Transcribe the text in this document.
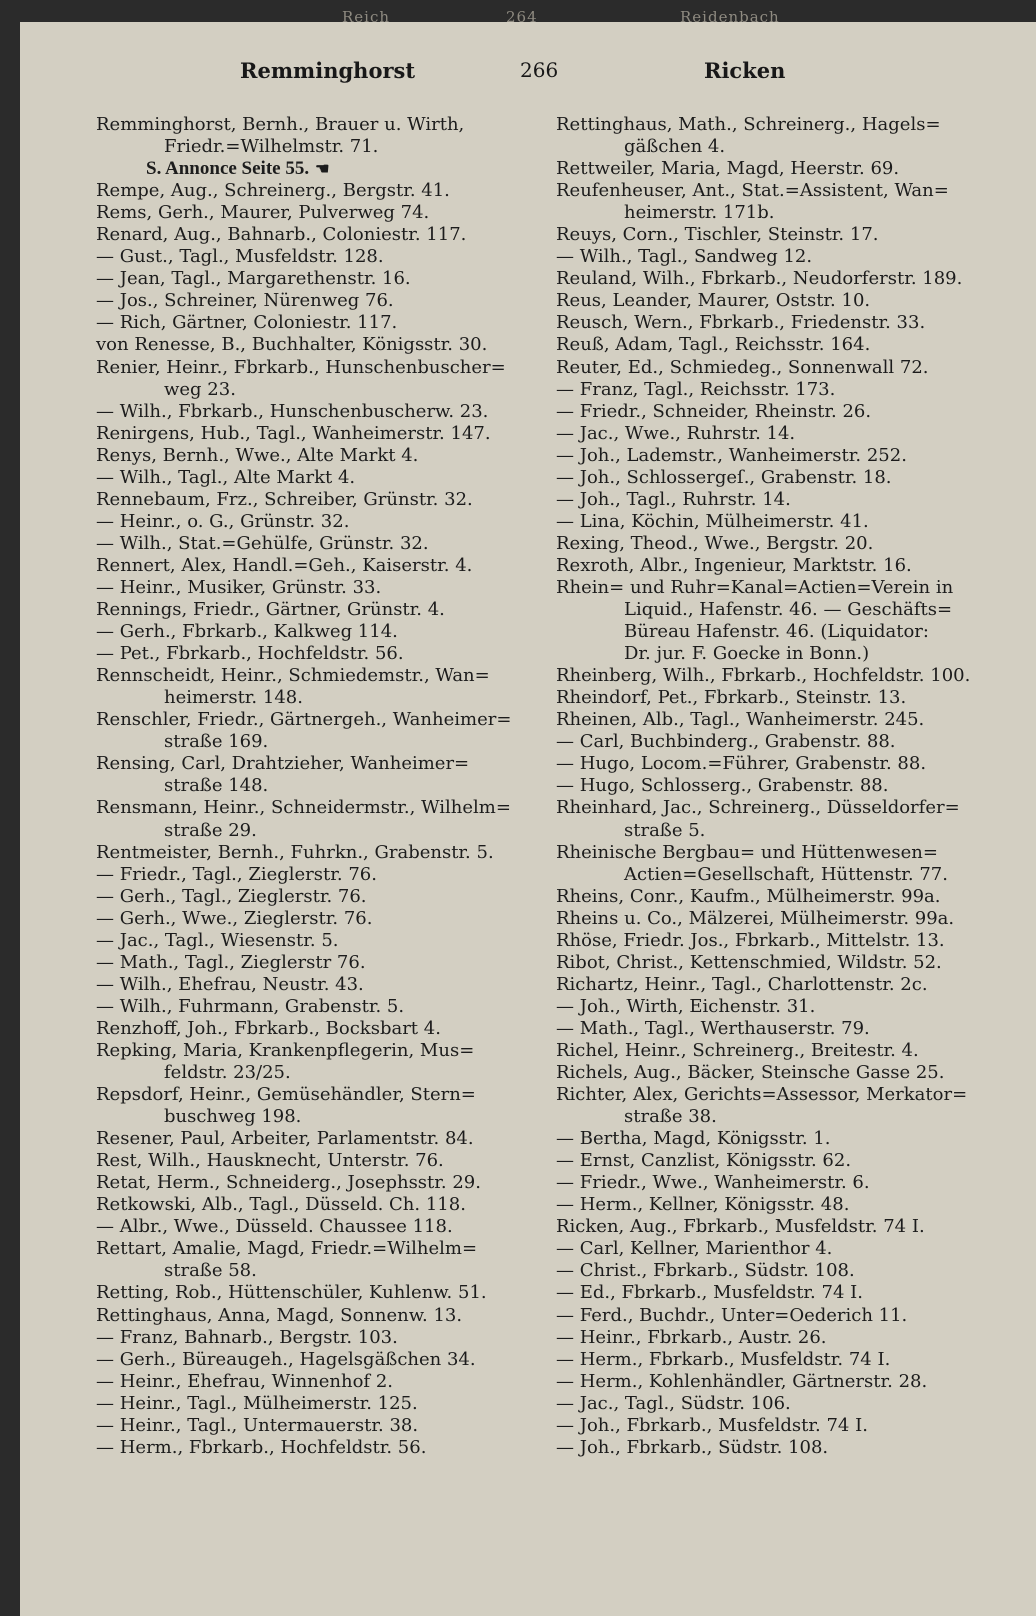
Reich	264	Reidenbach
Remminghorst	266	Ricken
Remminghorst, Bernh., Brauer u. Wirth,
Friedr.=Wilhelmstr. 71.
S. Annonce Seite 55. ☚
Rempe, Aug., Schreinerg., Bergstr. 41.
Rems, Gerh., Maurer, Pulverweg 74.
Renard, Aug., Bahnarb., Coloniestr. 117.
— Gust., Tagl., Musfeldstr. 128.
— Jean, Tagl., Margarethenstr. 16.
— Jos., Schreiner, Nürenweg 76.
— Rich, Gärtner, Coloniestr. 117.
von Renesse, B., Buchhalter, Königsstr. 30.
Renier, Heinr., Fbrkarb., Hunschenbuscher=
weg 23.
— Wilh., Fbrkarb., Hunschenbuscherw. 23.
Renirgens, Hub., Tagl., Wanheimerstr. 147.
Renys, Bernh., Wwe., Alte Markt 4.
— Wilh., Tagl., Alte Markt 4.
Rennebaum, Frz., Schreiber, Grünstr. 32.
— Heinr., o. G., Grünstr. 32.
— Wilh., Stat.=Gehülfe, Grünstr. 32.
Rennert, Alex, Handl.=Geh., Kaiserstr. 4.
— Heinr., Musiker, Grünstr. 33.
Rennings, Friedr., Gärtner, Grünstr. 4.
— Gerh., Fbrkarb., Kalkweg 114.
— Pet., Fbrkarb., Hochfeldstr. 56.
Rennscheidt, Heinr., Schmiedemstr., Wan=
heimerstr. 148.
Renschler, Friedr., Gärtnergeh., Wanheimer=
straße 169.
Rensing, Carl, Drahtzieher, Wanheimer=
straße 148.
Rensmann, Heinr., Schneidermstr., Wilhelm=
straße 29.
Rentmeister, Bernh., Fuhrkn., Grabenstr. 5.
— Friedr., Tagl., Zieglerstr. 76.
— Gerh., Tagl., Zieglerstr. 76.
— Gerh., Wwe., Zieglerstr. 76.
— Jac., Tagl., Wiesenstr. 5.
— Math., Tagl., Zieglerstr 76.
— Wilh., Ehefrau, Neustr. 43.
— Wilh., Fuhrmann, Grabenstr. 5.
Renzhoff, Joh., Fbrkarb., Bocksbart 4.
Repking, Maria, Krankenpflegerin, Mus=
feldstr. 23/25.
Repsdorf, Heinr., Gemüsehändler, Stern=
buschweg 198.
Resener, Paul, Arbeiter, Parlamentstr. 84.
Rest, Wilh., Hausknecht, Unterstr. 76.
Retat, Herm., Schneiderg., Josephsstr. 29.
Retkowski, Alb., Tagl., Düsseld. Ch. 118.
— Albr., Wwe., Düsseld. Chaussee 118.
Rettart, Amalie, Magd, Friedr.=Wilhelm=
straße 58.
Retting, Rob., Hüttenschüler, Kuhlenw. 51.
Rettinghaus, Anna, Magd, Sonnenw. 13.
— Franz, Bahnarb., Bergstr. 103.
— Gerh., Büreaugeh., Hagelsgäßchen 34.
— Heinr., Ehefrau, Winnenhof 2.
— Heinr., Tagl., Mülheimerstr. 125.
— Heinr., Tagl., Untermauerstr. 38.
— Herm., Fbrkarb., Hochfeldstr. 56.
Rettinghaus, Math., Schreinerg., Hagels=
gäßchen 4.
Rettweiler, Maria, Magd, Heerstr. 69.
Reufenheuser, Ant., Stat.=Assistent, Wan=
heimerstr. 171b.
Reuys, Corn., Tischler, Steinstr. 17.
— Wilh., Tagl., Sandweg 12.
Reuland, Wilh., Fbrkarb., Neudorferstr. 189.
Reus, Leander, Maurer, Oststr. 10.
Reusch, Wern., Fbrkarb., Friedenstr. 33.
Reuß, Adam, Tagl., Reichsstr. 164.
Reuter, Ed., Schmiedeg., Sonnenwall 72.
— Franz, Tagl., Reichsstr. 173.
— Friedr., Schneider, Rheinstr. 26.
— Jac., Wwe., Ruhrstr. 14.
— Joh., Lademstr., Wanheimerstr. 252.
— Joh., Schlossergeſ., Grabenstr. 18.
— Joh., Tagl., Ruhrstr. 14.
— Lina, Köchin, Mülheimerstr. 41.
Rexing, Theod., Wwe., Bergstr. 20.
Rexroth, Albr., Ingenieur, Marktstr. 16.
Rhein= und Ruhr=Kanal=Actien=Verein in
Liquid., Hafenstr. 46. — Geschäfts=
Büreau Hafenstr. 46. (Liquidator:
Dr. jur. F. Goecke in Bonn.)
Rheinberg, Wilh., Fbrkarb., Hochfeldstr. 100.
Rheindorf, Pet., Fbrkarb., Steinstr. 13.
Rheinen, Alb., Tagl., Wanheimerstr. 245.
— Carl, Buchbinderg., Grabenstr. 88.
— Hugo, Locom.=Führer, Grabenstr. 88.
— Hugo, Schlosserg., Grabenstr. 88.
Rheinhard, Jac., Schreinerg., Düsseldorfer=
straße 5.
Rheinische Bergbau= und Hüttenwesen=
Actien=Gesellschaft, Hüttenstr. 77.
Rheins, Conr., Kaufm., Mülheimerstr. 99a.
Rheins u. Co., Mälzerei, Mülheimerstr. 99a.
Rhöse, Friedr. Jos., Fbrkarb., Mittelstr. 13.
Ribot, Christ., Kettenschmied, Wildstr. 52.
Richartz, Heinr., Tagl., Charlottenstr. 2c.
— Joh., Wirth, Eichenstr. 31.
— Math., Tagl., Werthauserstr. 79.
Richel, Heinr., Schreinerg., Breitestr. 4.
Richels, Aug., Bäcker, Steinsche Gasse 25.
Richter, Alex, Gerichts=Assessor, Merkator=
straße 38.
— Bertha, Magd, Königsstr. 1.
— Ernst, Canzlist, Königsstr. 62.
— Friedr., Wwe., Wanheimerstr. 6.
— Herm., Kellner, Königsstr. 48.
Ricken, Aug., Fbrkarb., Musfeldstr. 74 I.
— Carl, Kellner, Marienthor 4.
— Christ., Fbrkarb., Südstr. 108.
— Ed., Fbrkarb., Musfeldstr. 74 I.
— Ferd., Buchdr., Unter=Oederich 11.
— Heinr., Fbrkarb., Austr. 26.
— Herm., Fbrkarb., Musfeldstr. 74 I.
— Herm., Kohlenhändler, Gärtnerstr. 28.
— Jac., Tagl., Südstr. 106.
— Joh., Fbrkarb., Musfeldstr. 74 I.
— Joh., Fbrkarb., Südstr. 108.
